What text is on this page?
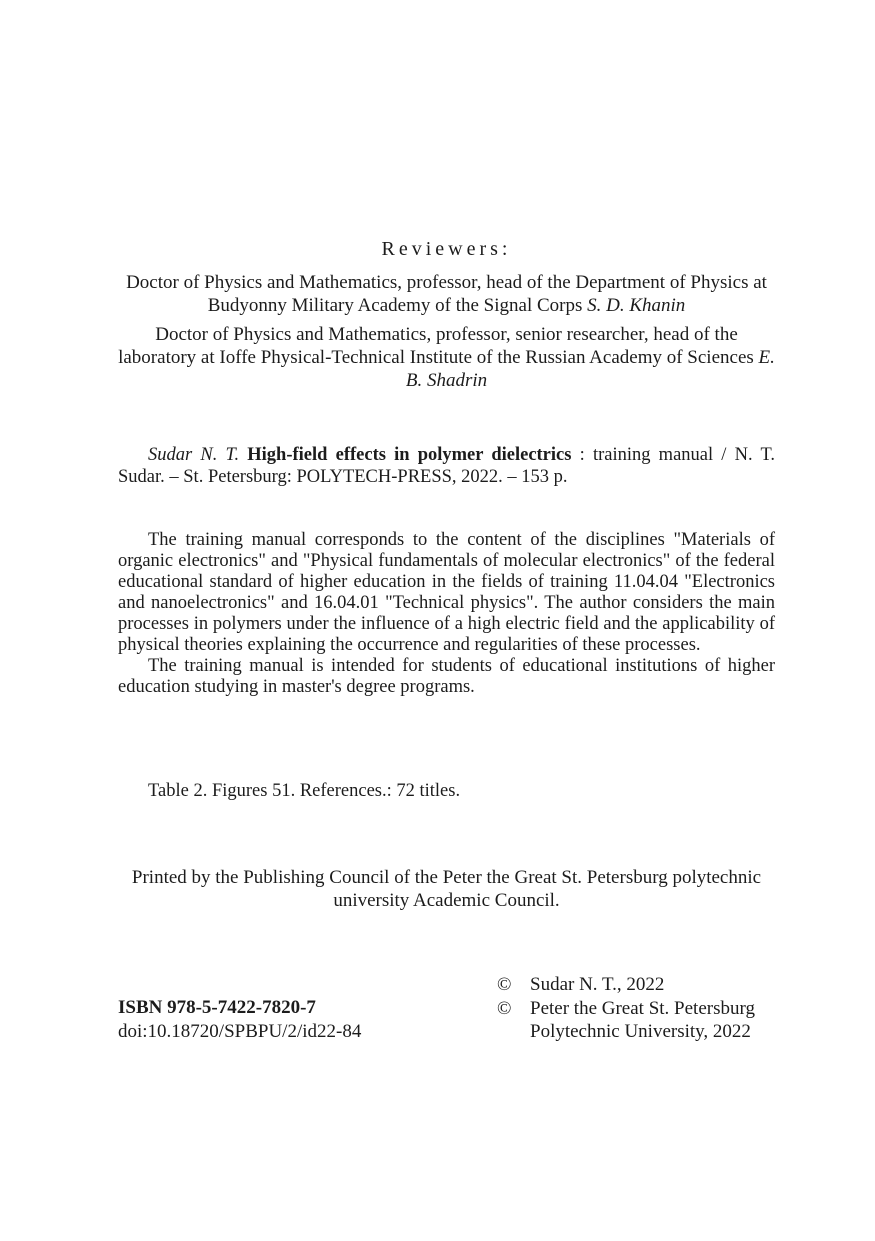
Reviewers:

Doctor of Physics and Mathematics, professor, head of the Department of Physics at Budyonny Military Academy of the Signal Corps S. D. Khanin

Doctor of Physics and Mathematics, professor, senior researcher, head of the laboratory at Ioffe Physical-Technical Institute of the Russian Academy of Sciences E. B. Shadrin

Sudar N. T. High-field effects in polymer dielectrics : training manual / N. T. Sudar. – St. Petersburg: POLYTECH-PRESS, 2022. – 153 p.

The training manual corresponds to the content of the disciplines "Materials of organic electronics" and "Physical fundamentals of molecular electronics" of the federal educational standard of higher education in the fields of training 11.04.04 "Electronics and nanoelectronics" and 16.04.01 "Technical physics". The author considers the main processes in polymers under the influence of a high electric field and the applicability of physical theories explaining the occurrence and regularities of these processes.

The training manual is intended for students of educational institutions of higher education studying in master's degree programs.

Table 2. Figures 51. References.: 72 titles.

Printed by the Publishing Council of the Peter the Great St. Petersburg polytechnic university Academic Council.

ISBN 978-5-7422-7820-7
doi:10.18720/SPBPU/2/id22-84
© Sudar N. T., 2022
© Peter the Great St. Petersburg
Polytechnic University, 2022
